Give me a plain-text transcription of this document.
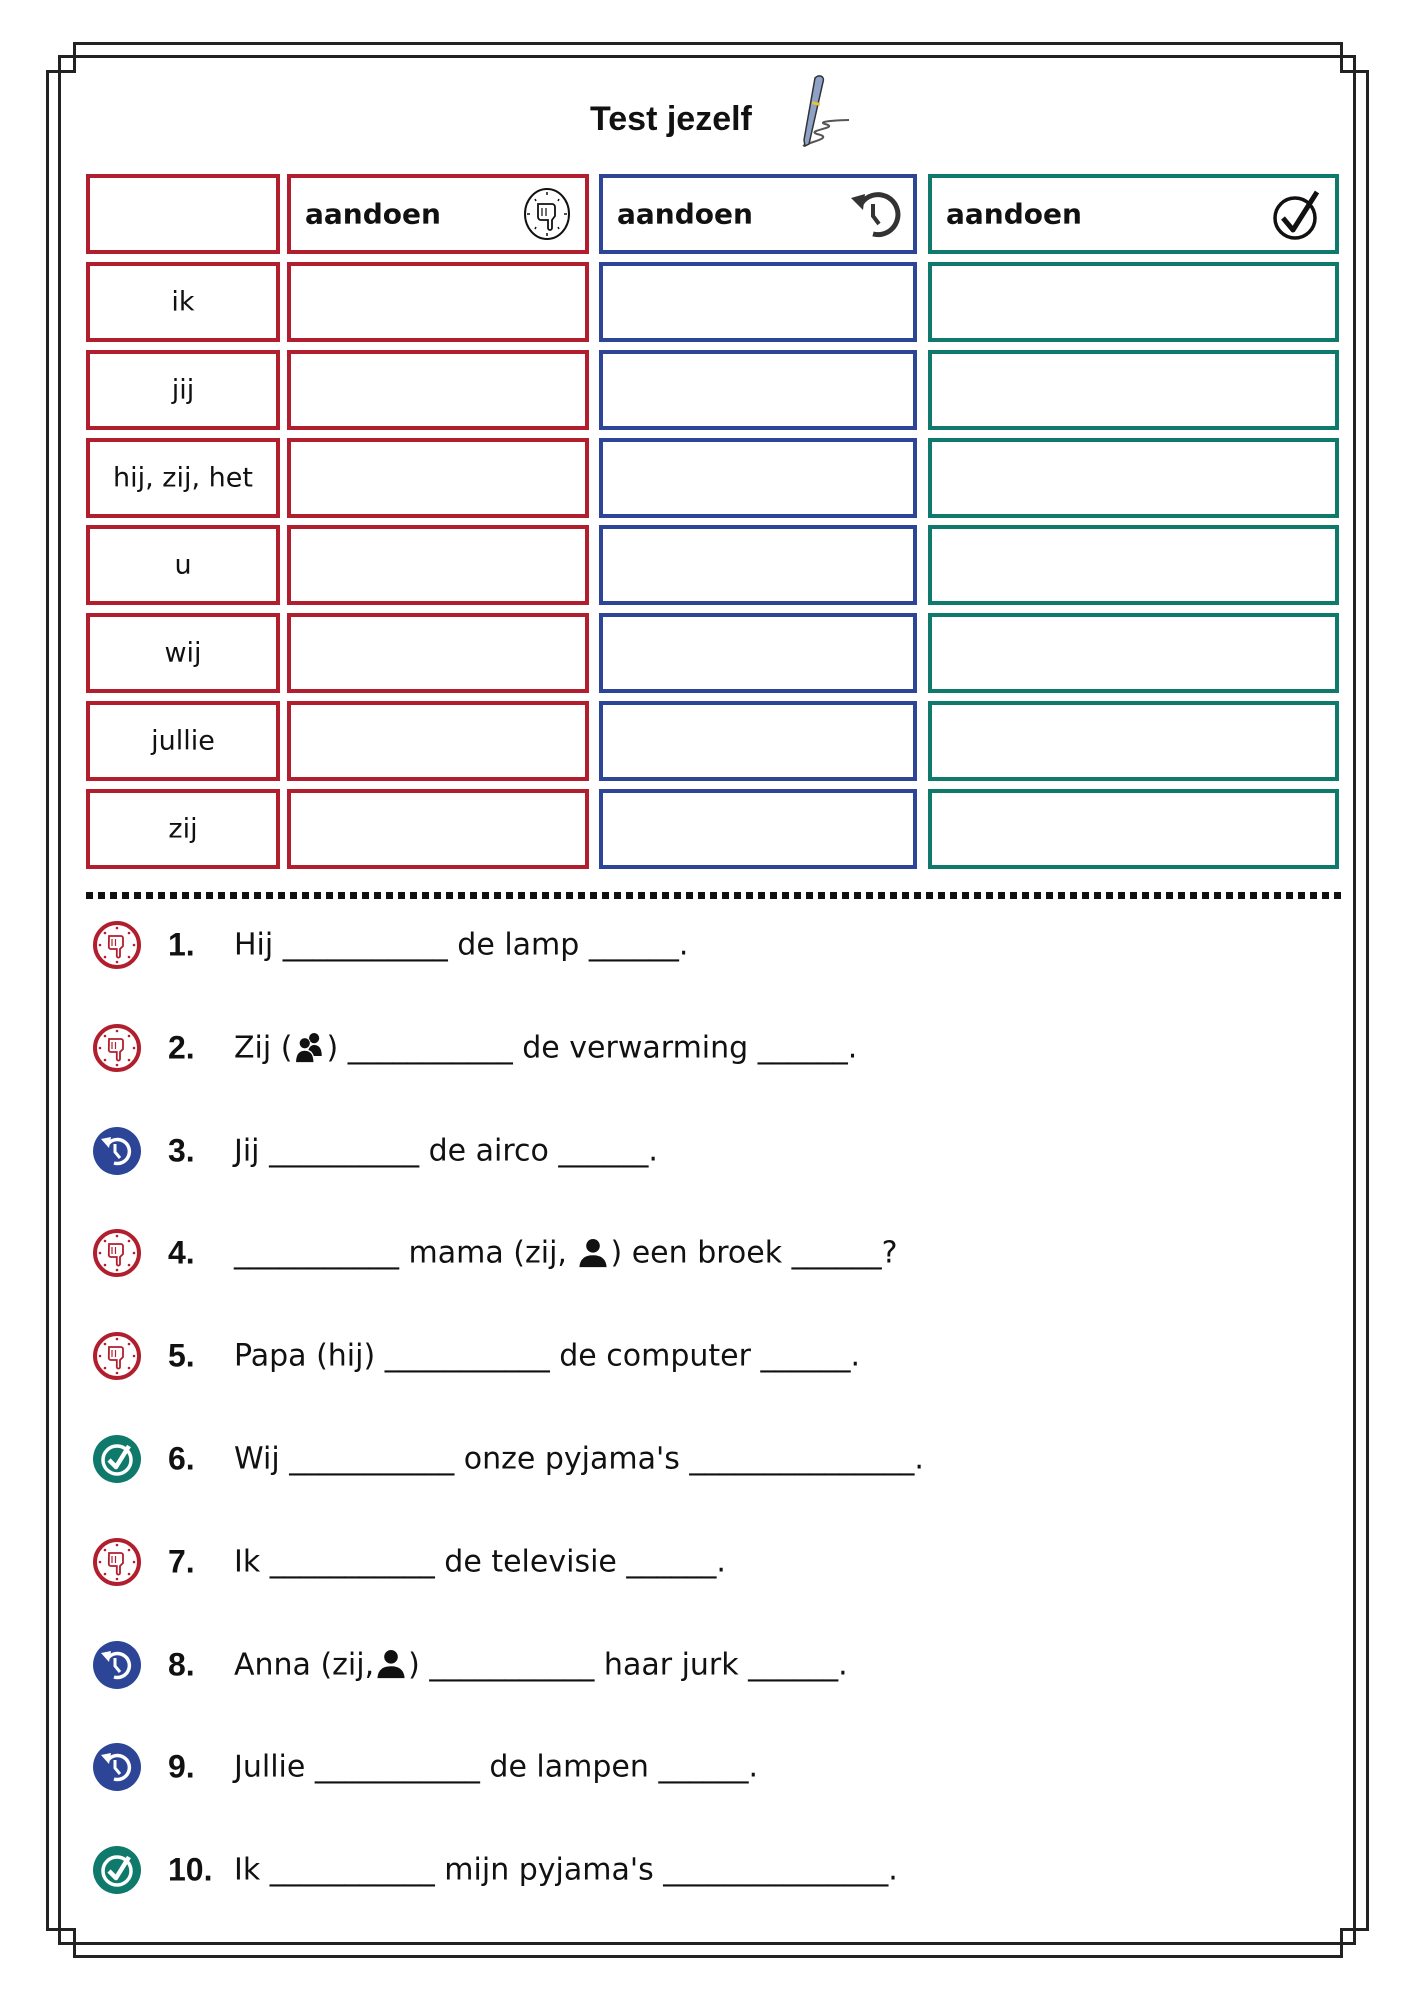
Test jezelf
aandoen	aandoen	aandoen
ik
jij
hij, zij, het
u
wij
jullie
zij
1. Hij ___________ de lamp ______ .
2. Zij ( ) ___________ de verwarming ______ .
3. Jij __________ de airco ______ .
4. ___________ mama (zij, ) een broek ______ ?
5. Papa (hij) ___________ de computer ______ .
6. Wij ___________ onze pyjama's _______________ .
7. Ik ___________ de televisie ______ .
8. Anna (zij, ) ___________ haar jurk ______ .
9. Jullie ___________ de lampen ______ .
10. Ik ___________ mijn pyjama's _______________ .
